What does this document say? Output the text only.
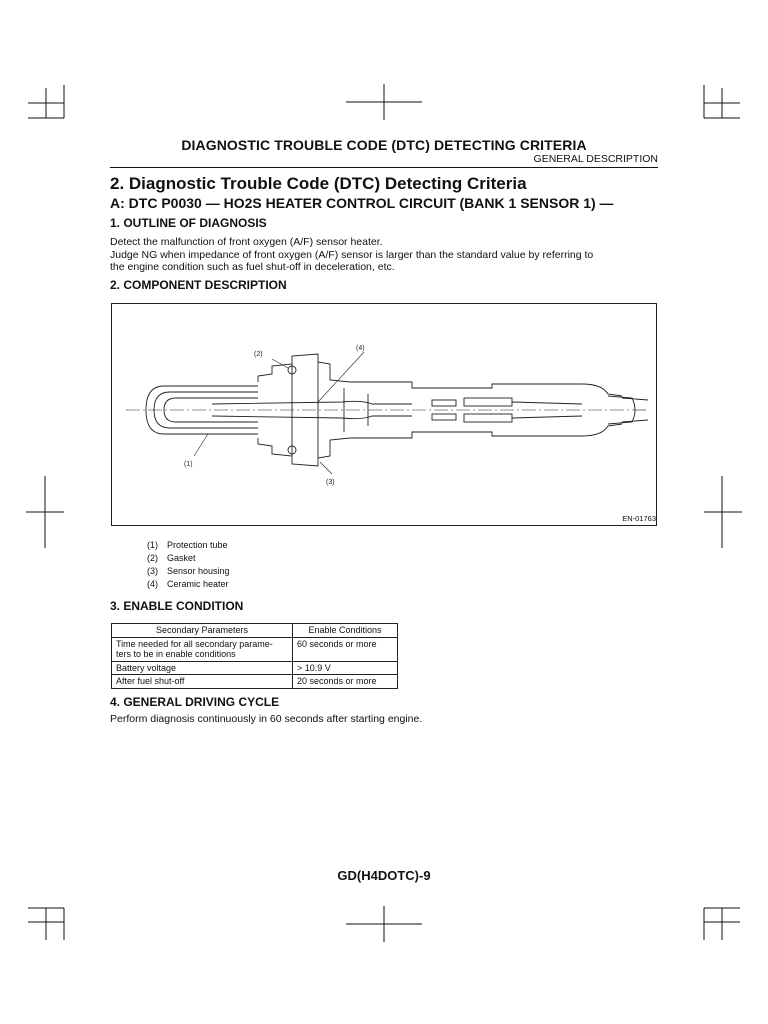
DIAGNOSTIC TROUBLE CODE (DTC) DETECTING CRITERIA
GENERAL DESCRIPTION
2. Diagnostic Trouble Code (DTC) Detecting Criteria
A: DTC P0030 — HO2S HEATER CONTROL CIRCUIT (BANK 1 SENSOR 1) —
1. OUTLINE OF DIAGNOSIS
Detect the malfunction of front oxygen (A/F) sensor heater.
Judge NG when impedance of front oxygen (A/F) sensor is larger than the standard value by referring to
the engine condition such as fuel shut-off in deceleration, etc.
2. COMPONENT DESCRIPTION
(4)
(2)
(1)
(3)
EN-01763
(1) Protection tube
(2) Gasket
(3) Sensor housing
(4) Ceramic heater
3. ENABLE CONDITION
Secondary Parameters	Enable Conditions

Time needed for all secondary parame-
ters to be in enable conditions	60 seconds or more
Battery voltage	> 10.9 V
After fuel shut-off	20 seconds or more
4. GENERAL DRIVING CYCLE
Perform diagnosis continuously in 60 seconds after starting engine.
GD(H4DOTC)-9
